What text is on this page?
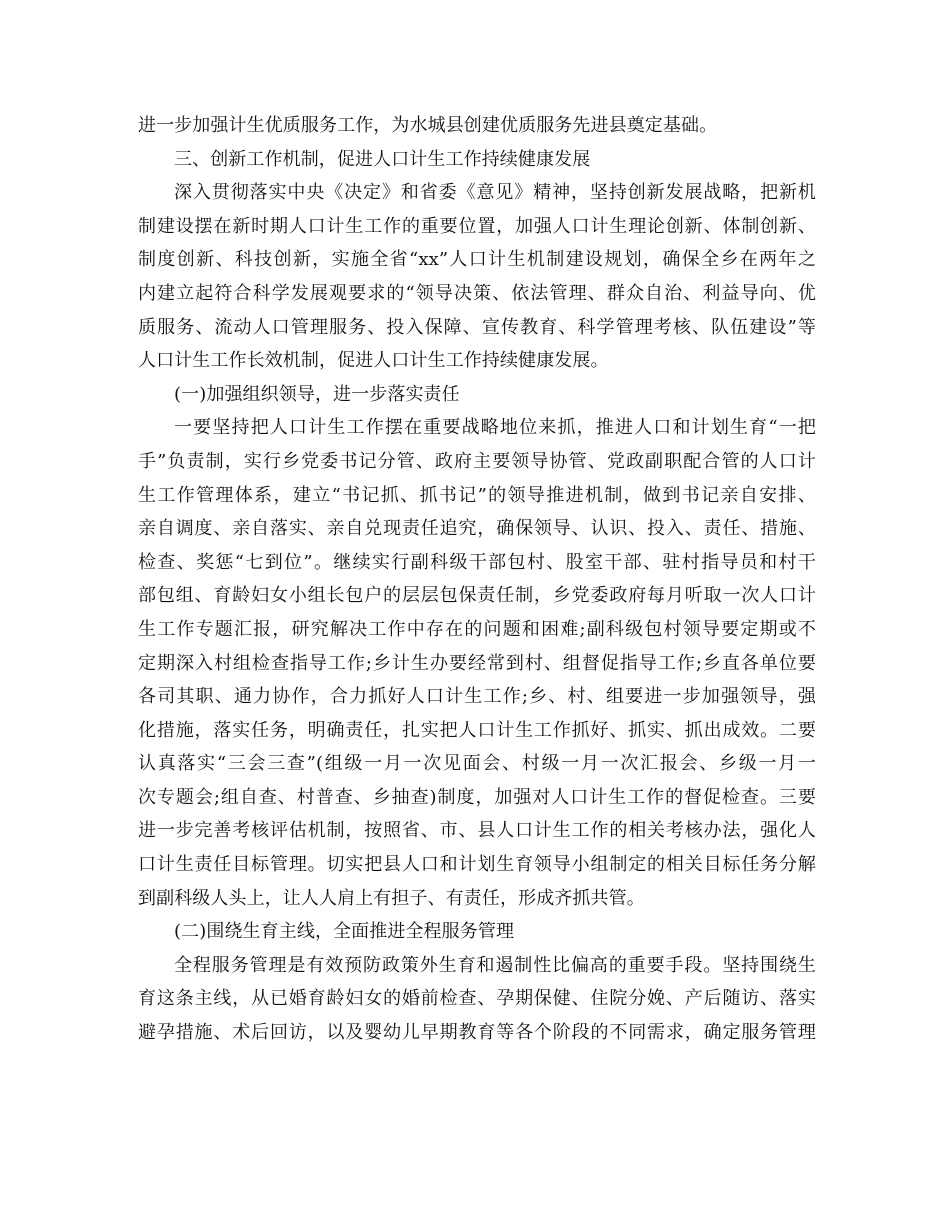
进一步加强计生优质服务工作，为水城县创建优质服务先进县奠定基础。
三、创新工作机制，促进人口计生工作持续健康发展
深入贯彻落实中央《决定》和省委《意见》精神，坚持创新发展战略，把新机
制建设摆在新时期人口计生工作的重要位置，加强人口计生理论创新、体制创新、
制度创新、科技创新，实施全省“xx”人口计生机制建设规划，确保全乡在两年之
内建立起符合科学发展观要求的“领导决策、依法管理、群众自治、利益导向、优
质服务、流动人口管理服务、投入保障、宣传教育、科学管理考核、队伍建设”等
人口计生工作长效机制，促进人口计生工作持续健康发展。
(一)加强组织领导，进一步落实责任
一要坚持把人口计生工作摆在重要战略地位来抓，推进人口和计划生育“一把
手”负责制，实行乡党委书记分管、政府主要领导协管、党政副职配合管的人口计
生工作管理体系，建立“书记抓、抓书记”的领导推进机制，做到书记亲自安排、
亲自调度、亲自落实、亲自兑现责任追究，确保领导、认识、投入、责任、措施、
检查、奖惩“七到位”。继续实行副科级干部包村、股室干部、驻村指导员和村干
部包组、育龄妇女小组长包户的层层包保责任制，乡党委政府每月听取一次人口计
生工作专题汇报，研究解决工作中存在的问题和困难;副科级包村领导要定期或不
定期深入村组检查指导工作;乡计生办要经常到村、组督促指导工作;乡直各单位要
各司其职、通力协作，合力抓好人口计生工作;乡、村、组要进一步加强领导，强
化措施，落实任务，明确责任，扎实把人口计生工作抓好、抓实、抓出成效。二要
认真落实“三会三查”(组级一月一次见面会、村级一月一次汇报会、乡级一月一
次专题会;组自查、村普查、乡抽查)制度，加强对人口计生工作的督促检查。三要
进一步完善考核评估机制，按照省、市、县人口计生工作的相关考核办法，强化人
口计生责任目标管理。切实把县人口和计划生育领导小组制定的相关目标任务分解
到副科级人头上，让人人肩上有担子、有责任，形成齐抓共管。
(二)围绕生育主线，全面推进全程服务管理
全程服务管理是有效预防政策外生育和遏制性比偏高的重要手段。坚持围绕生
育这条主线，从已婚育龄妇女的婚前检查、孕期保健、住院分娩、产后随访、落实
避孕措施、术后回访，以及婴幼儿早期教育等各个阶段的不同需求，确定服务管理
